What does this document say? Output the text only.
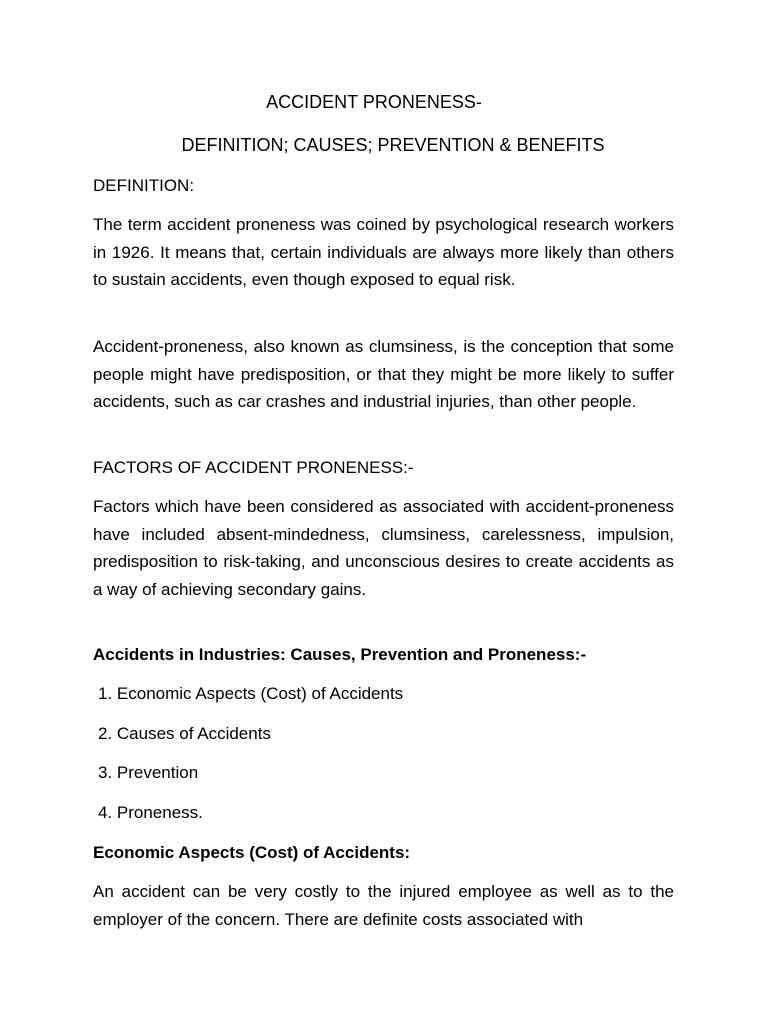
ACCIDENT PRONENESS-
DEFINITION; CAUSES; PREVENTION & BENEFITS

DEFINITION:

The term accident proneness was coined by psychological research workers in 1926. It means that, certain individuals are always more likely than others to sustain accidents, even though exposed to equal risk.

Accident-proneness, also known as clumsiness, is the conception that some people might have predisposition, or that they might be more likely to suffer accidents, such as car crashes and industrial injuries, than other people.

FACTORS OF ACCIDENT PRONENESS:-

Factors which have been considered as associated with accident-proneness have included absent-mindedness, clumsiness, carelessness, impulsion, predisposition to risk-taking, and unconscious desires to create accidents as a way of achieving secondary gains.

Accidents in Industries: Causes, Prevention and Proneness:-

1. Economic Aspects (Cost) of Accidents

2. Causes of Accidents

3. Prevention

4. Proneness.

Economic Aspects (Cost) of Accidents:

An accident can be very costly to the injured employee as well as to the employer of the concern. There are definite costs associated with
